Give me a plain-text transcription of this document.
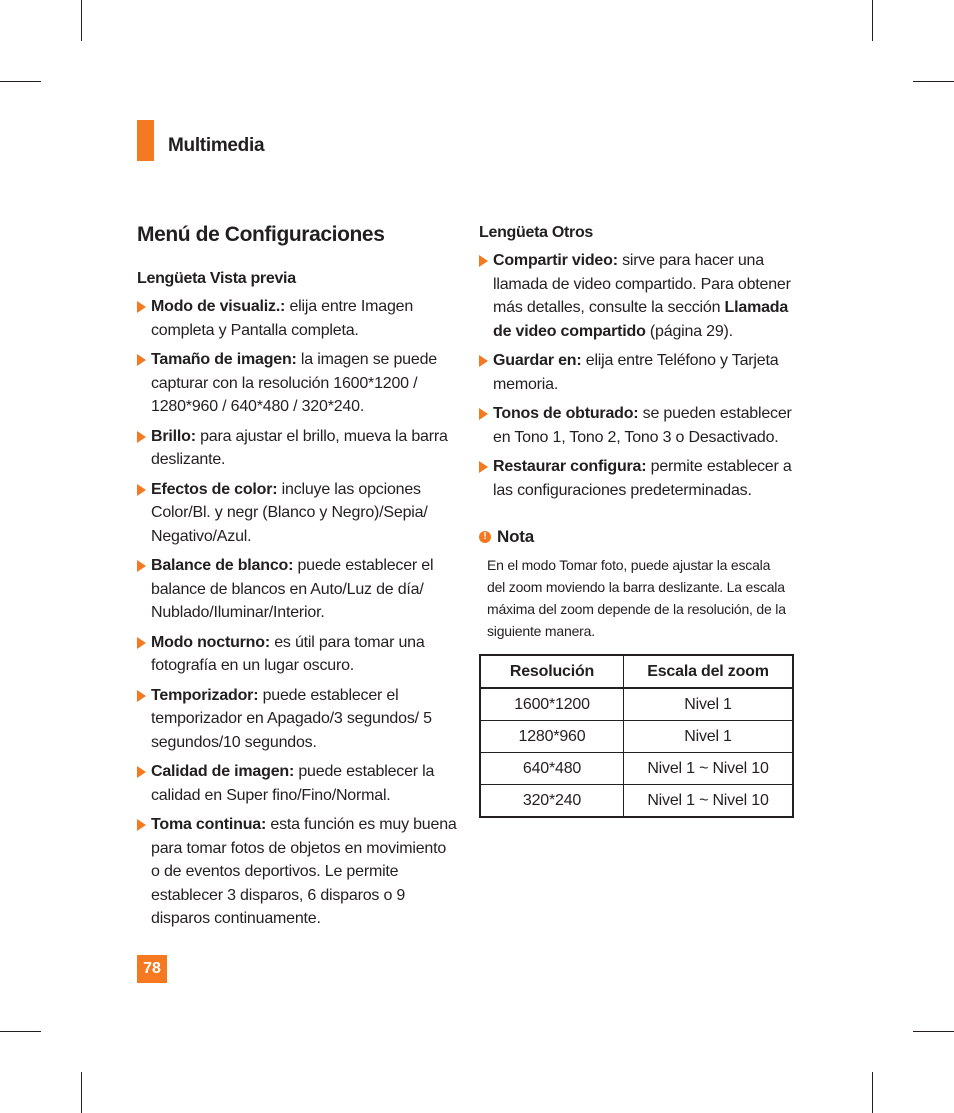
Multimedia
Menú de Configuraciones
Lengüeta Vista previa
Modo de visualiz.: elija entre Imagen completa y Pantalla completa.
Tamaño de imagen: la imagen se puede capturar con la resolución 1600*1200 / 1280*960 / 640*480 / 320*240.
Brillo: para ajustar el brillo, mueva la barra deslizante.
Efectos de color: incluye las opciones Color/Bl. y negr (Blanco y Negro)/Sepia/ Negativo/Azul.
Balance de blanco: puede establecer el balance de blancos en Auto/Luz de día/ Nublado/Iluminar/Interior.
Modo nocturno: es útil para tomar una fotografía en un lugar oscuro.
Temporizador: puede establecer el temporizador en Apagado/3 segundos/ 5 segundos/10 segundos.
Calidad de imagen: puede establecer la calidad en Super fino/Fino/Normal.
Toma continua: esta función es muy buena para tomar fotos de objetos en movimiento o de eventos deportivos. Le permite establecer 3 disparos, 6 disparos o 9 disparos continuamente.
Lengüeta Otros
Compartir video: sirve para hacer una llamada de video compartido. Para obtener más detalles, consulte la sección Llamada de video compartido (página 29).
Guardar en: elija entre Teléfono y Tarjeta memoria.
Tonos de obturado: se pueden establecer en Tono 1, Tono 2, Tono 3 o Desactivado.
Restaurar configura: permite establecer a las configuraciones predeterminadas.
! Nota
En el modo Tomar foto, puede ajustar la escala del zoom moviendo la barra deslizante. La escala máxima del zoom depende de la resolución, de la siguiente manera.
Resolución	Escala del zoom
1600*1200	Nivel 1
1280*960	Nivel 1
640*480	Nivel 1 ~ Nivel 10
320*240	Nivel 1 ~ Nivel 10
78
